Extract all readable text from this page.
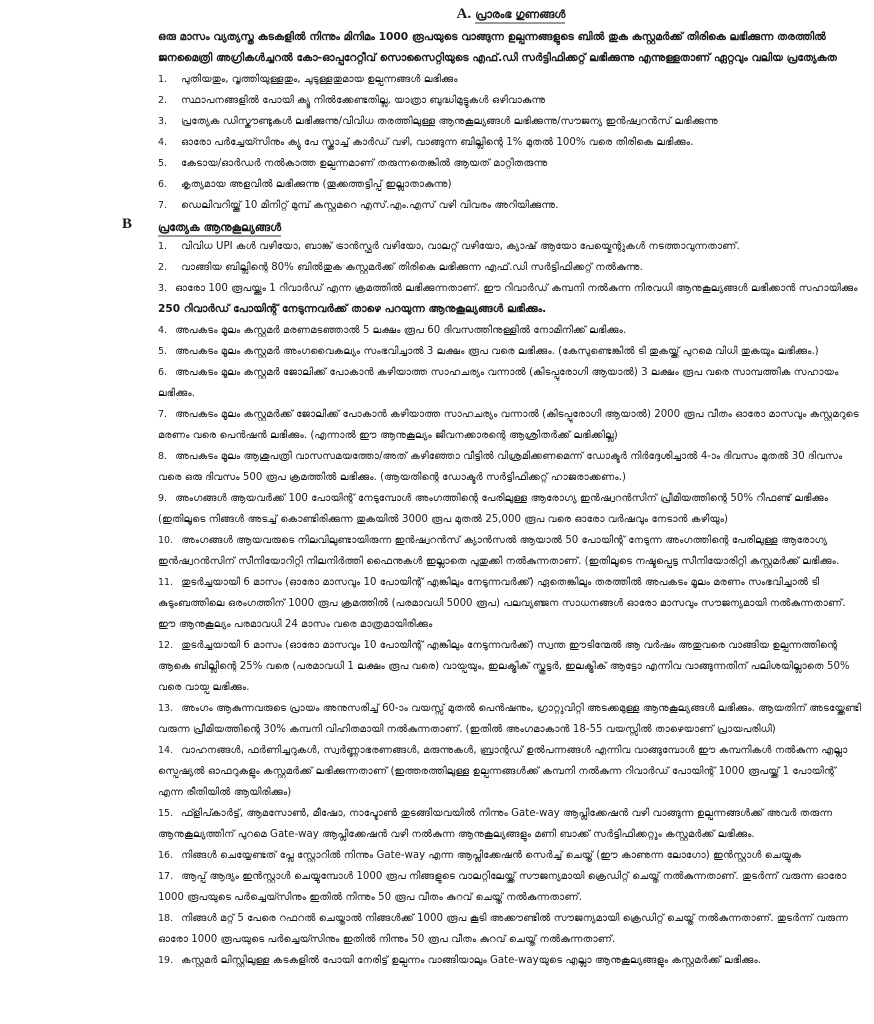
A. പ്രാരംഭ ഗുണങ്ങൾ

ഒരു മാസം വ്യത്യസ്ത കടകളിൽ നിന്നും മിനിമം 1000 രൂപയുടെ വാങ്ങുന്ന ഉല്പന്നങ്ങളുടെ ബിൽ തുക കസ്റ്റമർക്ക് തിരികെ ലഭിക്കുന്ന തരത്തിൽ ജനമൈത്രി അഗ്രികൾച്ചറൽ കോ-ഓപ്പറേറ്റീവ് സൊസൈറ്റിയുടെ എഫ്.ഡി സർട്ടിഫിക്കറ്റ് ലഭിക്കുന്നു എന്നുള്ളതാണ് ഏറ്റവും വലിയ പ്രത്യേകത

1.	പുതിയതും, വൃത്തിയുള്ളതും, ചുടുള്ളതുമായ ഉല്പന്നങ്ങൾ ലഭിക്കും
2.	സ്ഥാപനങ്ങളിൽ പോയി ക്യൂ നിൽക്കേണ്ടതില്ല, യാത്രാ ബുദ്ധിമുട്ടുകൾ ഒഴിവാകുന്നു
3.	പ്രത്യേക ഡിസ്കൗണ്ടുകൾ ലഭിക്കുന്നു/വിവിധ തരത്തിലുള്ള ആനുകൂല്യങ്ങൾ ലഭിക്കുന്നു/സൗജന്യ ഇൻഷ്വറൻസ് ലഭിക്കുന്നു
4.	ഓരോ പർച്ചേയ്സിനും ക്യു പേ സ്ക്രാച്ച് കാർഡ് വഴി, വാങ്ങുന്ന ബില്ലിന്റെ 1% മുതൽ 100% വരെ തിരികെ ലഭിക്കും.
5.	കേടായ/ഓർഡർ നൽകാത്ത ഉല്പന്നമാണ് തരുന്നതെങ്കിൽ ആയത് മാറ്റിതരുന്നു
6.	കൃത്യമായ അളവിൽ ലഭിക്കുന്നു (തൂക്കത്തട്ടിപ്പ് ഇല്ലാതാകുന്നു)
7.	ഡെലിവറിയ്ക്ക് 10 മിനിറ്റ് മുമ്പ് കസ്റ്റമറെ എസ്.എം.എസ് വഴി വിവരം അറിയിക്കുന്നു.
B പ്രത്യേക ആനുകൂല്യങ്ങൾ
1.	വിവിധ UPI കൾ വഴിയോ, ബാങ്ക് ട്രാൻസ്ഫർ വഴിയോ, വാലറ്റ് വഴിയോ, ക്യാഷ് ആയോ പേയ്മെന്റുകൾ നടത്താവുന്നതാണ്.
2.	വാങ്ങിയ ബില്ലിന്റെ 80% ബിൽതുക കസ്റ്റമർക്ക് തിരികെ ലഭിക്കുന്ന എഫ്.ഡി സർട്ടിഫിക്കറ്റ് നൽകുന്നു.
3. ഓരോ 100 രൂപയ്ക്കും 1 റിവാർഡ് എന്ന ക്രമത്തിൽ ലഭിക്കുന്നതാണ്. ഈ റിവാർഡ് കമ്പനി നൽകുന്ന നിരവധി ആനുകൂല്യങ്ങൾ ലഭിക്കാൻ സഹായിക്കും
250 റിവാർഡ് പോയിന്റ് നേടുന്നവർക്ക് താഴെ പറയുന്ന ആനുകൂല്യങ്ങൾ ലഭിക്കും.
4. അപകടം മൂലം കസ്റ്റമർ മരണമടഞ്ഞാൽ 5 ലക്ഷം രൂപ 60 ദിവസത്തിനുള്ളിൽ നോമിനിക്ക് ലഭിക്കും.
5. അപകടം മൂലം കസ്റ്റമർ അംഗവൈകല്യം സംഭവിച്ചാൽ 3 ലക്ഷം രൂപ വരെ ലഭിക്കും. (കേസുണ്ടെങ്കിൽ ടി തുകയ്ക്ക് പുറമെ വിധി തുകയും ലഭിക്കും.)
6. അപകടം മൂലം കസ്റ്റമർ ജോലിക്ക് പോകാൻ കഴിയാത്ത സാഹചര്യം വന്നാൽ (കിടപ്പുരോഗി ആയാൽ) 3 ലക്ഷം രൂപ വരെ സാമ്പത്തിക സഹായം ലഭിക്കും.
7. അപകടം മൂലം കസ്റ്റമർക്ക് ജോലിക്ക് പോകാൻ കഴിയാത്ത സാഹചര്യം വന്നാൽ (കിടപ്പുരോഗി ആയാൽ) 2000 രൂപ വീതം ഓരോ മാസവും കസ്റ്റമറുടെ മരണം വരെ പെൻഷൻ ലഭിക്കും. (എന്നാൽ ഈ ആനുകൂല്യം ജീവനക്കാരന്റെ ആശ്രിതർക്ക് ലഭിക്കില്ല)
8. അപകടം മൂലം ആശുപത്രി വാസസമയത്തോ/അത് കഴിഞ്ഞോ വീട്ടിൽ വിശ്രമിക്കണമെന്ന് ഡോക്ടർ നിർദ്ദേശിച്ചാൽ 4-ാം ദിവസം മുതൽ 30 ദിവസം വരെ ഒരു ദിവസം 500 രൂപ ക്രമത്തിൽ ലഭിക്കും. (ആയതിന്റെ ഡോക്ടർ സർട്ടിഫിക്കറ്റ് ഹാജരാക്കണം.)
9. അംഗങ്ങൾ ആയവർക്ക് 100 പോയിന്റ് നേടുമ്പോൾ അംഗത്തിന്റെ പേരിലുള്ള ആരോഗ്യ ഇൻഷ്വറൻസിന് പ്രീമിയത്തിന്റെ 50% റീഫണ്ട് ലഭിക്കും (ഇതിലൂടെ നിങ്ങൾ അടച്ച് കൊണ്ടിരിക്കുന്ന തുകയിൽ 3000 രൂപ മുതൽ 25,000 രൂപ വരെ ഓരോ വർഷവും നേടാൻ കഴിയും)
10. അംഗങ്ങൾ ആയവരുടെ നിലവിലുണ്ടായിരുന്ന ഇൻഷ്വറൻസ് ക്യാൻസൽ ആയാൽ 50 പോയിന്റ് നേടുന്ന അംഗത്തിന്റെ പേരിലുള്ള ആരോഗ്യ ഇൻഷ്വറൻസിന് സീനിയോറിറ്റി നിലനിർത്തി ഫൈനുകൾ ഇല്ലാതെ പുതുക്കി നൽകുന്നതാണ്. (ഇതിലൂടെ നഷ്ടപ്പെട്ട സീനിയോരിറ്റി കസ്റ്റമർക്ക് ലഭിക്കും.
11. തുടർച്ചയായി 6 മാസം (ഓരോ മാസവും 10 പോയിന്റ് എങ്കിലും നേടുന്നവർക്ക്) ഏതെങ്കിലും തരത്തിൽ അപകടം മൂലം മരണം സംഭവിച്ചാൽ ടി കുടുംബത്തിലെ ഒരംഗത്തിന് 1000 രൂപ ക്രമത്തിൽ (പരമാവധി 5000 രൂപ) പലവ്യഞ്ജന സാധനങ്ങൾ ഓരോ മാസവും സൗജന്യമായി നൽകുന്നതാണ്. ഈ ആനുകൂല്യം പരമാവധി 24 മാസം വരെ മാത്രമായിരിക്കും
12. തുടർച്ചയായി 6 മാസം (ഓരോ മാസവും 10 പോയിന്റ് എങ്കിലും നേടുന്നവർക്ക്) സ്വന്ത ഈടിന്മേൽ ആ വർഷം അതുവരെ വാങ്ങിയ ഉല്പന്നത്തിന്റെ ആകെ ബില്ലിന്റെ 25% വരെ (പരമാവധി 1 ലക്ഷം രൂപ വരെ) വായ്പയും, ഇലക്ട്രിക് സ്കൂട്ടർ, ഇലക്ട്രിക് ആട്ടോ എന്നിവ വാങ്ങുന്നതിന് പലിശയില്ലാതെ 50% വരെ വായ്പ ലഭിക്കും.
13. അംഗം ആകുന്നവരുടെ പ്രായം അനുസരിച്ച് 60-ാം വയസ്സ് മുതൽ പെൻഷനും, ഗ്രാറ്റുവിറ്റി അടക്കമുള്ള ആനുകൂല്യങ്ങൾ ലഭിക്കും. ആയതിന് അടയ്ക്കേണ്ടി വരുന്ന പ്രീമിയത്തിന്റെ 30% കമ്പനി വിഹിതമായി നൽകുന്നതാണ്. (ഇതിൽ അംഗമാകാൻ 18-55 വയസ്സിൽ താഴെയാണ് പ്രായപരിധി)
14. വാഹനങ്ങൾ, ഫർണിച്ചറുകൾ, സ്വർണ്ണാഭരണങ്ങൾ, മരുന്നുകൾ, ബ്രാന്റഡ് ഉൽപന്നങ്ങൾ എന്നിവ വാങ്ങുമ്പോൾ ഈ കമ്പനികൾ നൽകുന്ന എല്ലാ സ്പെഷ്യൽ ഓഫറുകളും കസ്റ്റമർക്ക് ലഭിക്കുന്നതാണ് (ഇത്തരത്തിലുള്ള ഉല്പന്നങ്ങൾക്ക് കമ്പനി നൽകുന്ന റിവാർഡ് പോയിന്റ് 1000 രൂപയ്ക്ക് 1 പോയിന്റ് എന്ന രീതിയിൽ ആയിരിക്കും)
15. ഫ്ളിപ്കാർട്ട്, ആമസോൺ, മീഷോ, നാപ്ടോൺ തുടങ്ങിയവയിൽ നിന്നും Gate-way ആപ്ലിക്കേഷൻ വഴി വാങ്ങുന്ന ഉല്പന്നങ്ങൾക്ക് അവർ തരുന്ന ആനുകൂല്യത്തിന് പുറമെ Gate-way ആപ്ലിക്കേഷൻ വഴി നൽകുന്ന ആനുകൂല്യങ്ങളും മണി ബാക്ക് സർട്ടിഫിക്കറ്റും കസ്റ്റമർക്ക് ലഭിക്കും.
16. നിങ്ങൾ ചെയ്യേണ്ടത് പ്ലേ സ്റ്റോറിൽ നിന്നും Gate-way എന്ന ആപ്ലിക്കേഷൻ സെർച്ച് ചെയ്ത് (ഈ കാണുന്ന ലോഗോ) ഇൻസ്റ്റാൾ ചെയ്യുക
17. ആപ്പ് ആദ്യം ഇൻസ്റ്റാൾ ചെയ്യുമ്പോൾ 1000 രൂപ നിങ്ങളുടെ വാലറ്റിലേയ്ക്ക് സൗജന്യമായി ക്രെഡിറ്റ് ചെയ്ത് നൽകുന്നതാണ്. തുടർന്ന് വരുന്ന ഓരോ 1000 രൂപയുടെ പർച്ചെയ്സിനും ഇതിൽ നിന്നും 50 രൂപ വീതം കുറവ് ചെയ്ത് നൽകുന്നതാണ്.
18. നിങ്ങൾ മറ്റ് 5 പേരെ റഫറൽ ചെയ്താൽ നിങ്ങൾക്ക് 1000 രൂപ കൂടി അക്കൗണ്ടിൽ സൗജന്യമായി ക്രെഡിറ്റ് ചെയ്ത് നൽകുന്നതാണ്. തുടർന്ന് വരുന്ന ഓരോ 1000 രൂപയുടെ പർച്ചെയ്സിനും ഇതിൽ നിന്നും 50 രൂപ വീതം കുറവ് ചെയ്ത് നൽകുന്നതാണ്.
19. കസ്റ്റമർ ലിസ്റ്റിലുള്ള കടകളിൽ പോയി നേരിട്ട് ഉല്പന്നം വാങ്ങിയാലും Gate-wayയുടെ എല്ലാ ആനുകൂല്യങ്ങളും കസ്റ്റമർക്ക് ലഭിക്കും.
